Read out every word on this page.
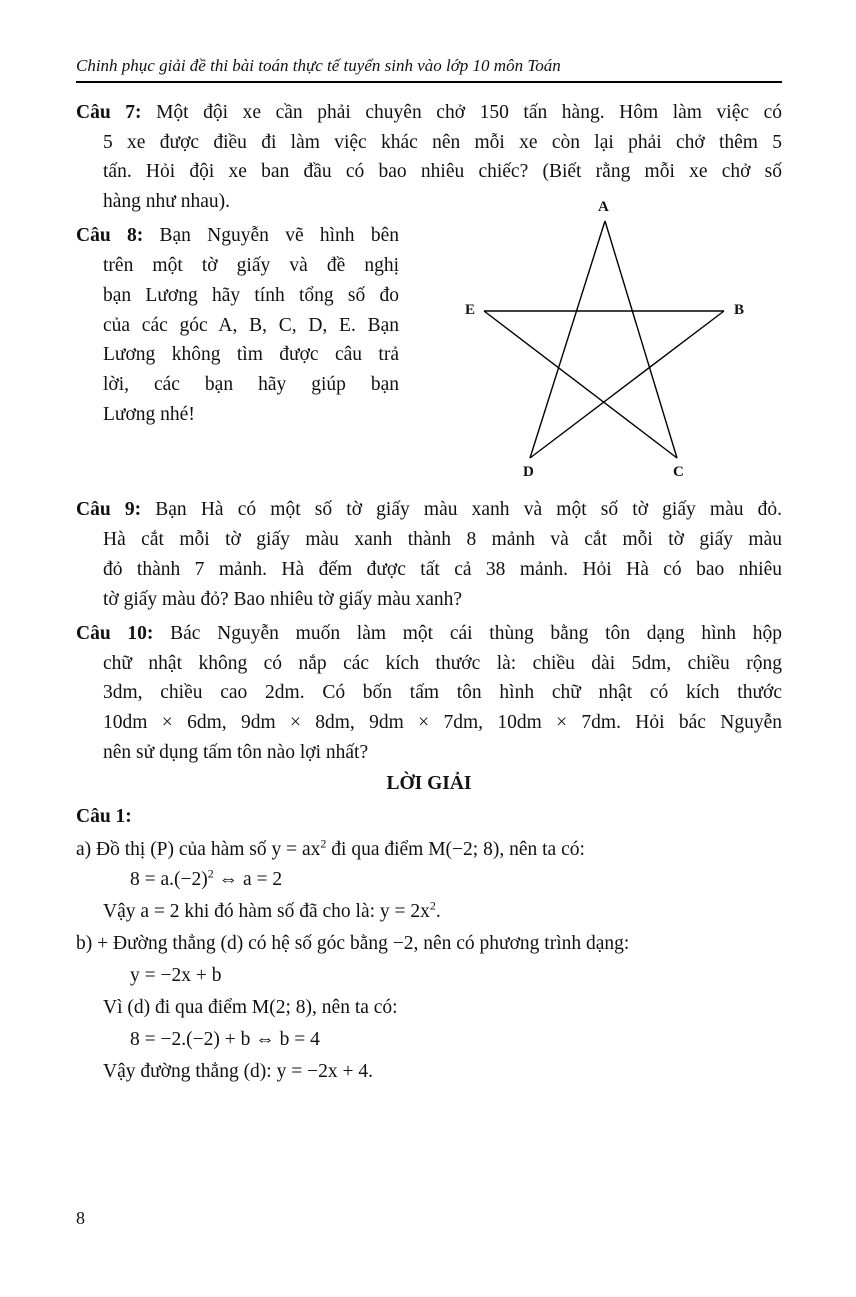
Chinh phục giải đề thi bài toán thực tế tuyển sinh vào lớp 10 môn Toán
Câu 7: Một đội xe cần phải chuyên chở 150 tấn hàng. Hôm làm việc có
5 xe được điều đi làm việc khác nên mỗi xe còn lại phải chở thêm 5
tấn. Hỏi đội xe ban đầu có bao nhiêu chiếc? (Biết rằng mỗi xe chở số
hàng như nhau).
Câu 8: Bạn Nguyễn vẽ hình bên
trên một tờ giấy và đề nghị
bạn Lương hãy tính tổng số đo
của các góc A, B, C, D, E. Bạn
Lương không tìm được câu trả
lời, các bạn hãy giúp bạn
Lương nhé!
A
B
C
D
E
Câu 9: Bạn Hà có một số tờ giấy màu xanh và một số tờ giấy màu đỏ.
Hà cắt mỗi tờ giấy màu xanh thành 8 mảnh và cắt mỗi tờ giấy màu
đỏ thành 7 mảnh. Hà đếm được tất cả 38 mảnh. Hỏi Hà có bao nhiêu
tờ giấy màu đỏ? Bao nhiêu tờ giấy màu xanh?
Câu 10: Bác Nguyễn muốn làm một cái thùng bằng tôn dạng hình hộp
chữ nhật không có nắp các kích thước là: chiều dài 5dm, chiều rộng
3dm, chiều cao 2dm. Có bốn tấm tôn hình chữ nhật có kích thước
10dm × 6dm, 9dm × 8dm, 9dm × 7dm, 10dm × 7dm. Hỏi bác Nguyễn
nên sử dụng tấm tôn nào lợi nhất?
LỜI GIẢI
Câu 1:
a) Đồ thị (P) của hàm số $y = ax^2$ đi qua điểm M(−2; 8), nên ta có:
$8 = a.(-2)^2$ ⇔ a = 2
Vậy a = 2 khi đó hàm số đã cho là: $y = 2x^2$.
b) + Đường thẳng (d) có hệ số góc bằng −2, nên có phương trình dạng:
y = −2x + b
Vì (d) đi qua điểm M(2; 8), nên ta có:
8 = −2.(−2) + b ⇔ b = 4
Vậy đường thẳng (d): y = −2x + 4.
8
